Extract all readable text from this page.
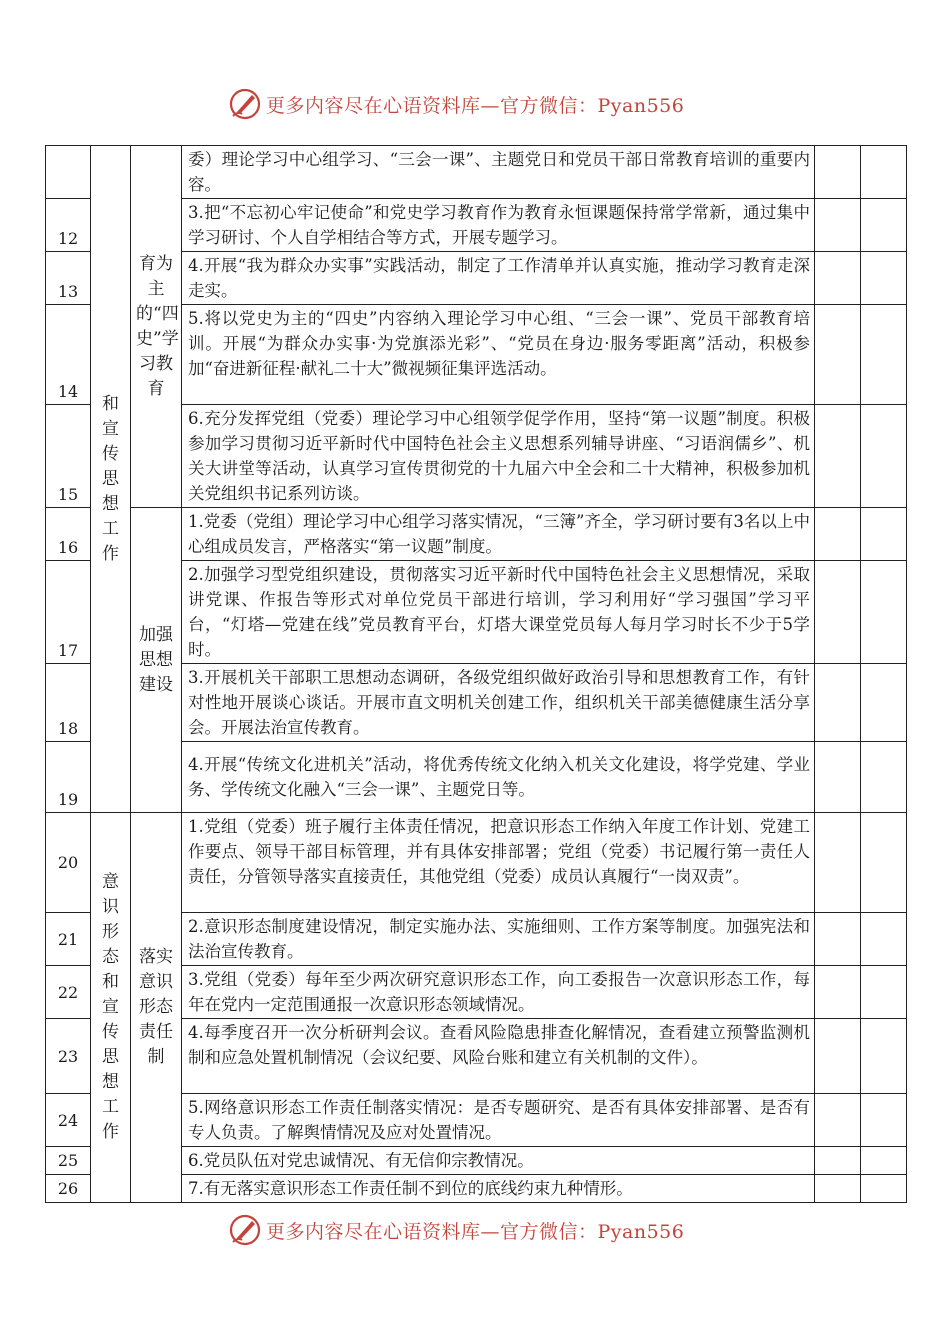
更多内容尽在心语资料库—官方微信：Pyan556
	和宣传思想工作	育为主的“四史”学习教育	委）理论学习中心组学习、“三会一课”、主题党日和党员干部日常教育培训的重要内容。		
12			3.把“不忘初心牢记使命”和党史学习教育作为教育永恒课题保持常学常新，通过集中学习研讨、个人自学相结合等方式，开展专题学习。		
13			4.开展“我为群众办实事”实践活动，制定了工作清单并认真实施，推动学习教育走深走实。		
14			5.将以党史为主的“四史”内容纳入理论学习中心组、“三会一课”、党员干部教育培训。开展“为群众办实事·为党旗添光彩”、“党员在身边·服务零距离”活动，积极参加“奋进新征程·献礼二十大”微视频征集评选活动。		
15			6.充分发挥党组（党委）理论学习中心组领学促学作用，坚持“第一议题”制度。积极参加学习贯彻习近平新时代中国特色社会主义思想系列辅导讲座、“习语润儒乡”、机关大讲堂等活动，认真学习宣传贯彻党的十九届六中全会和二十大精神，积极参加机关党组织书记系列访谈。		
16		加强思想建设	1.党委（党组）理论学习中心组学习落实情况，“三簿”齐全，学习研讨要有3名以上中心组成员发言，严格落实“第一议题”制度。		
17			2.加强学习型党组织建设，贯彻落实习近平新时代中国特色社会主义思想情况，采取讲党课、作报告等形式对单位党员干部进行培训，学习利用好“学习强国”学习平台，“灯塔—党建在线”党员教育平台，灯塔大课堂党员每人每月学习时长不少于5学时。		
18			3.开展机关干部职工思想动态调研，各级党组织做好政治引导和思想教育工作，有针对性地开展谈心谈话。开展市直文明机关创建工作，组织机关干部美德健康生活分享会。开展法治宣传教育。		
19			4.开展“传统文化进机关”活动，将优秀传统文化纳入机关文化建设，将学党建、学业务、学传统文化融入“三会一课”、主题党日等。		
20	意识形态和宣传思想工作	落实意识形态责任制	1.党组（党委）班子履行主体责任情况，把意识形态工作纳入年度工作计划、党建工作要点、领导干部目标管理，并有具体安排部署；党组（党委）书记履行第一责任人责任，分管领导落实直接责任，其他党组（党委）成员认真履行“一岗双责”。		
21			2.意识形态制度建设情况，制定实施办法、实施细则、工作方案等制度。加强宪法和法治宣传教育。		
22			3.党组（党委）每年至少两次研究意识形态工作，向工委报告一次意识形态工作，每年在党内一定范围通报一次意识形态领域情况。		
23			4.每季度召开一次分析研判会议。查看风险隐患排查化解情况，查看建立预警监测机制和应急处置机制情况（会议纪要、风险台账和建立有关机制的文件）。		
24			5.网络意识形态工作责任制落实情况：是否专题研究、是否有具体安排部署、是否有专人负责。了解舆情情况及应对处置情况。		
25			6.党员队伍对党忠诚情况、有无信仰宗教情况。		
26			7.有无落实意识形态工作责任制不到位的底线约束九种情形。		
更多内容尽在心语资料库—官方微信：Pyan556
